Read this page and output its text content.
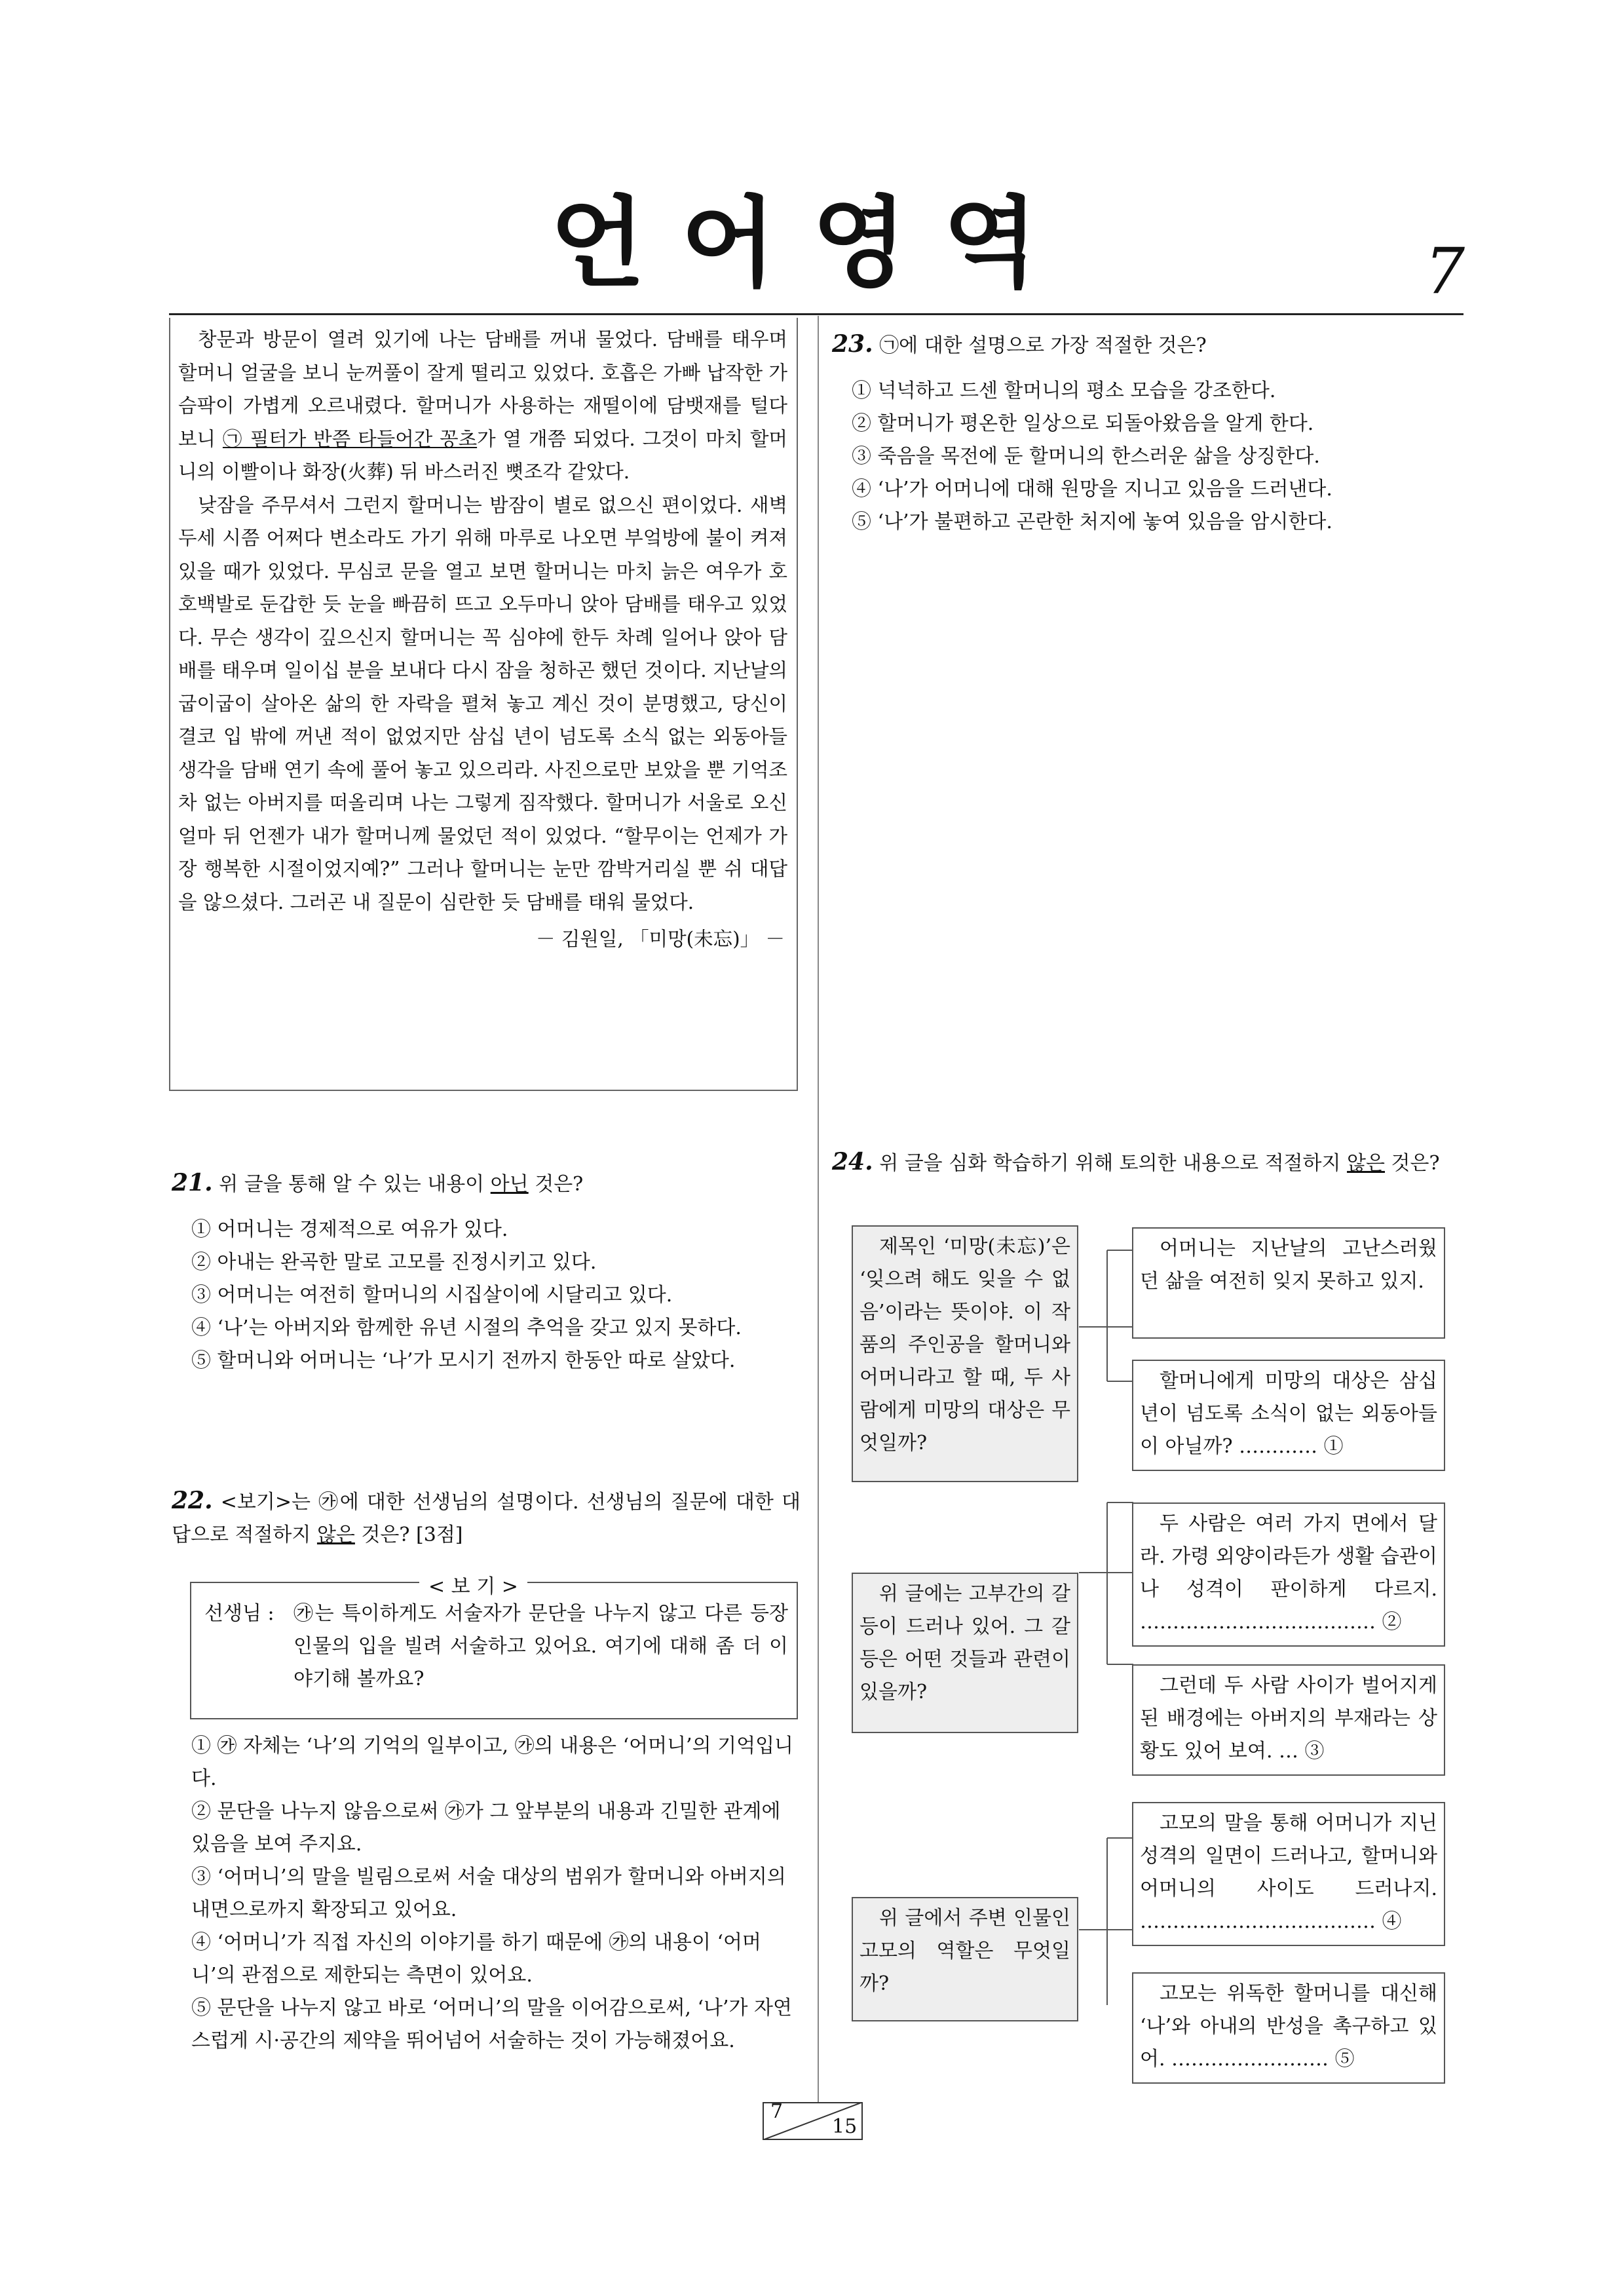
언어영역	7

창문과 방문이 열려 있기에 나는 담배를 꺼내 물었다. 담배를 태우며 할머니 얼굴을 보니 눈꺼풀이 잘게 떨리고 있었다. 호흡은 가빠 납작한 가슴팍이 가볍게 오르내렸다. 할머니가 사용하는 재떨이에 담뱃재를 털다 보니 ㉠ 필터가 반쯤 타들어간 꽁초가 열 개쯤 되었다. 그것이 마치 할머니의 이빨이나 화장(火葬) 뒤 바스러진 뼛조각 같았다.

낮잠을 주무셔서 그런지 할머니는 밤잠이 별로 없으신 편이었다. 새벽 두세 시쯤 어쩌다 변소라도 가기 위해 마루로 나오면 부엌방에 불이 켜져 있을 때가 있었다. 무심코 문을 열고 보면 할머니는 마치 늙은 여우가 호호백발로 둔갑한 듯 눈을 빠끔히 뜨고 오두마니 앉아 담배를 태우고 있었다. 무슨 생각이 깊으신지 할머니는 꼭 심야에 한두 차례 일어나 앉아 담배를 태우며 일이십 분을 보내다 다시 잠을 청하곤 했던 것이다. 지난날의 굽이굽이 살아온 삶의 한 자락을 펼쳐 놓고 계신 것이 분명했고, 당신이 결코 입 밖에 꺼낸 적이 없었지만 삼십 년이 넘도록 소식 없는 외동아들 생각을 담배 연기 속에 풀어 놓고 있으리라. 사진으로만 보았을 뿐 기억조차 없는 아버지를 떠올리며 나는 그렇게 짐작했다. 할머니가 서울로 오신 얼마 뒤 언젠가 내가 할머니께 물었던 적이 있었다. “할무이는 언제가 가장 행복한 시절이었지예?” 그러나 할머니는 눈만 깜박거리실 뿐 쉬 대답을 않으셨다. 그러곤 내 질문이 심란한 듯 담배를 태워 물었다.

－ 김원일, 「미망(未忘)」 －
23. ㉠에 대한 설명으로 가장 적절한 것은?
① 넉넉하고 드센 할머니의 평소 모습을 강조한다.
② 할머니가 평온한 일상으로 되돌아왔음을 알게 한다.
③ 죽음을 목전에 둔 할머니의 한스러운 삶을 상징한다.
④ ‘나’가 어머니에 대해 원망을 지니고 있음을 드러낸다.
⑤ ‘나’가 불편하고 곤란한 처지에 놓여 있음을 암시한다.
21. 위 글을 통해 알 수 있는 내용이 아닌 것은?
① 어머니는 경제적으로 여유가 있다.
② 아내는 완곡한 말로 고모를 진정시키고 있다.
③ 어머니는 여전히 할머니의 시집살이에 시달리고 있다.
④ ‘나’는 아버지와 함께한 유년 시절의 추억을 갖고 있지 못하다.
⑤ 할머니와 어머니는 ‘나’가 모시기 전까지 한동안 따로 살았다.
22. <보기>는 ㉮에 대한 선생님의 설명이다. 선생님의 질문에 대한 대답으로 적절하지 않은 것은? [3점]
< 보 기 >
선생님 : ㉮는 특이하게도 서술자가 문단을 나누지 않고 다른 등장인물의 입을 빌려 서술하고 있어요. 여기에 대해 좀 더 이야기해 볼까요?
① ㉮ 자체는 ‘나’의 기억의 일부이고, ㉮의 내용은 ‘어머니’의 기억입니다.
② 문단을 나누지 않음으로써 ㉮가 그 앞부분의 내용과 긴밀한 관계에 있음을 보여 주지요.
③ ‘어머니’의 말을 빌림으로써 서술 대상의 범위가 할머니와 아버지의 내면으로까지 확장되고 있어요.
④ ‘어머니’가 직접 자신의 이야기를 하기 때문에 ㉮의 내용이 ‘어머니’의 관점으로 제한되는 측면이 있어요.
⑤ 문단을 나누지 않고 바로 ‘어머니’의 말을 이어감으로써, ‘나’가 자연스럽게 시·공간의 제약을 뛰어넘어 서술하는 것이 가능해졌어요.
24. 위 글을 심화 학습하기 위해 토의한 내용으로 적절하지 않은 것은?
제목인 ‘미망(未忘)’은 ‘잊으려 해도 잊을 수 없음’이라는 뜻이야. 이 작품의 주인공을 할머니와 어머니라고 할 때, 두 사람에게 미망의 대상은 무엇일까?
위 글에는 고부간의 갈등이 드러나 있어. 그 갈등은 어떤 것들과 관련이 있을까?
위 글에서 주변 인물인 고모의 역할은 무엇일까?
어머니는 지난날의 고난스러웠던 삶을 여전히 잊지 못하고 있지.
할머니에게 미망의 대상은 삼십 년이 넘도록 소식이 없는 외동아들이 아닐까? ………… ①
두 사람은 여러 가지 면에서 달라. 가령 외양이라든가 생활 습관이나 성격이 판이하게 다르지. ……………………………… ②
그런데 두 사람 사이가 벌어지게 된 배경에는 아버지의 부재라는 상황도 있어 보여. … ③
고모의 말을 통해 어머니가 지닌 성격의 일면이 드러나고, 할머니와 어머니의 사이도 드러나지. ……………………………… ④
고모는 위독한 할머니를 대신해 ‘나’와 아내의 반성을 촉구하고 있어. …………………… ⑤
7
15
